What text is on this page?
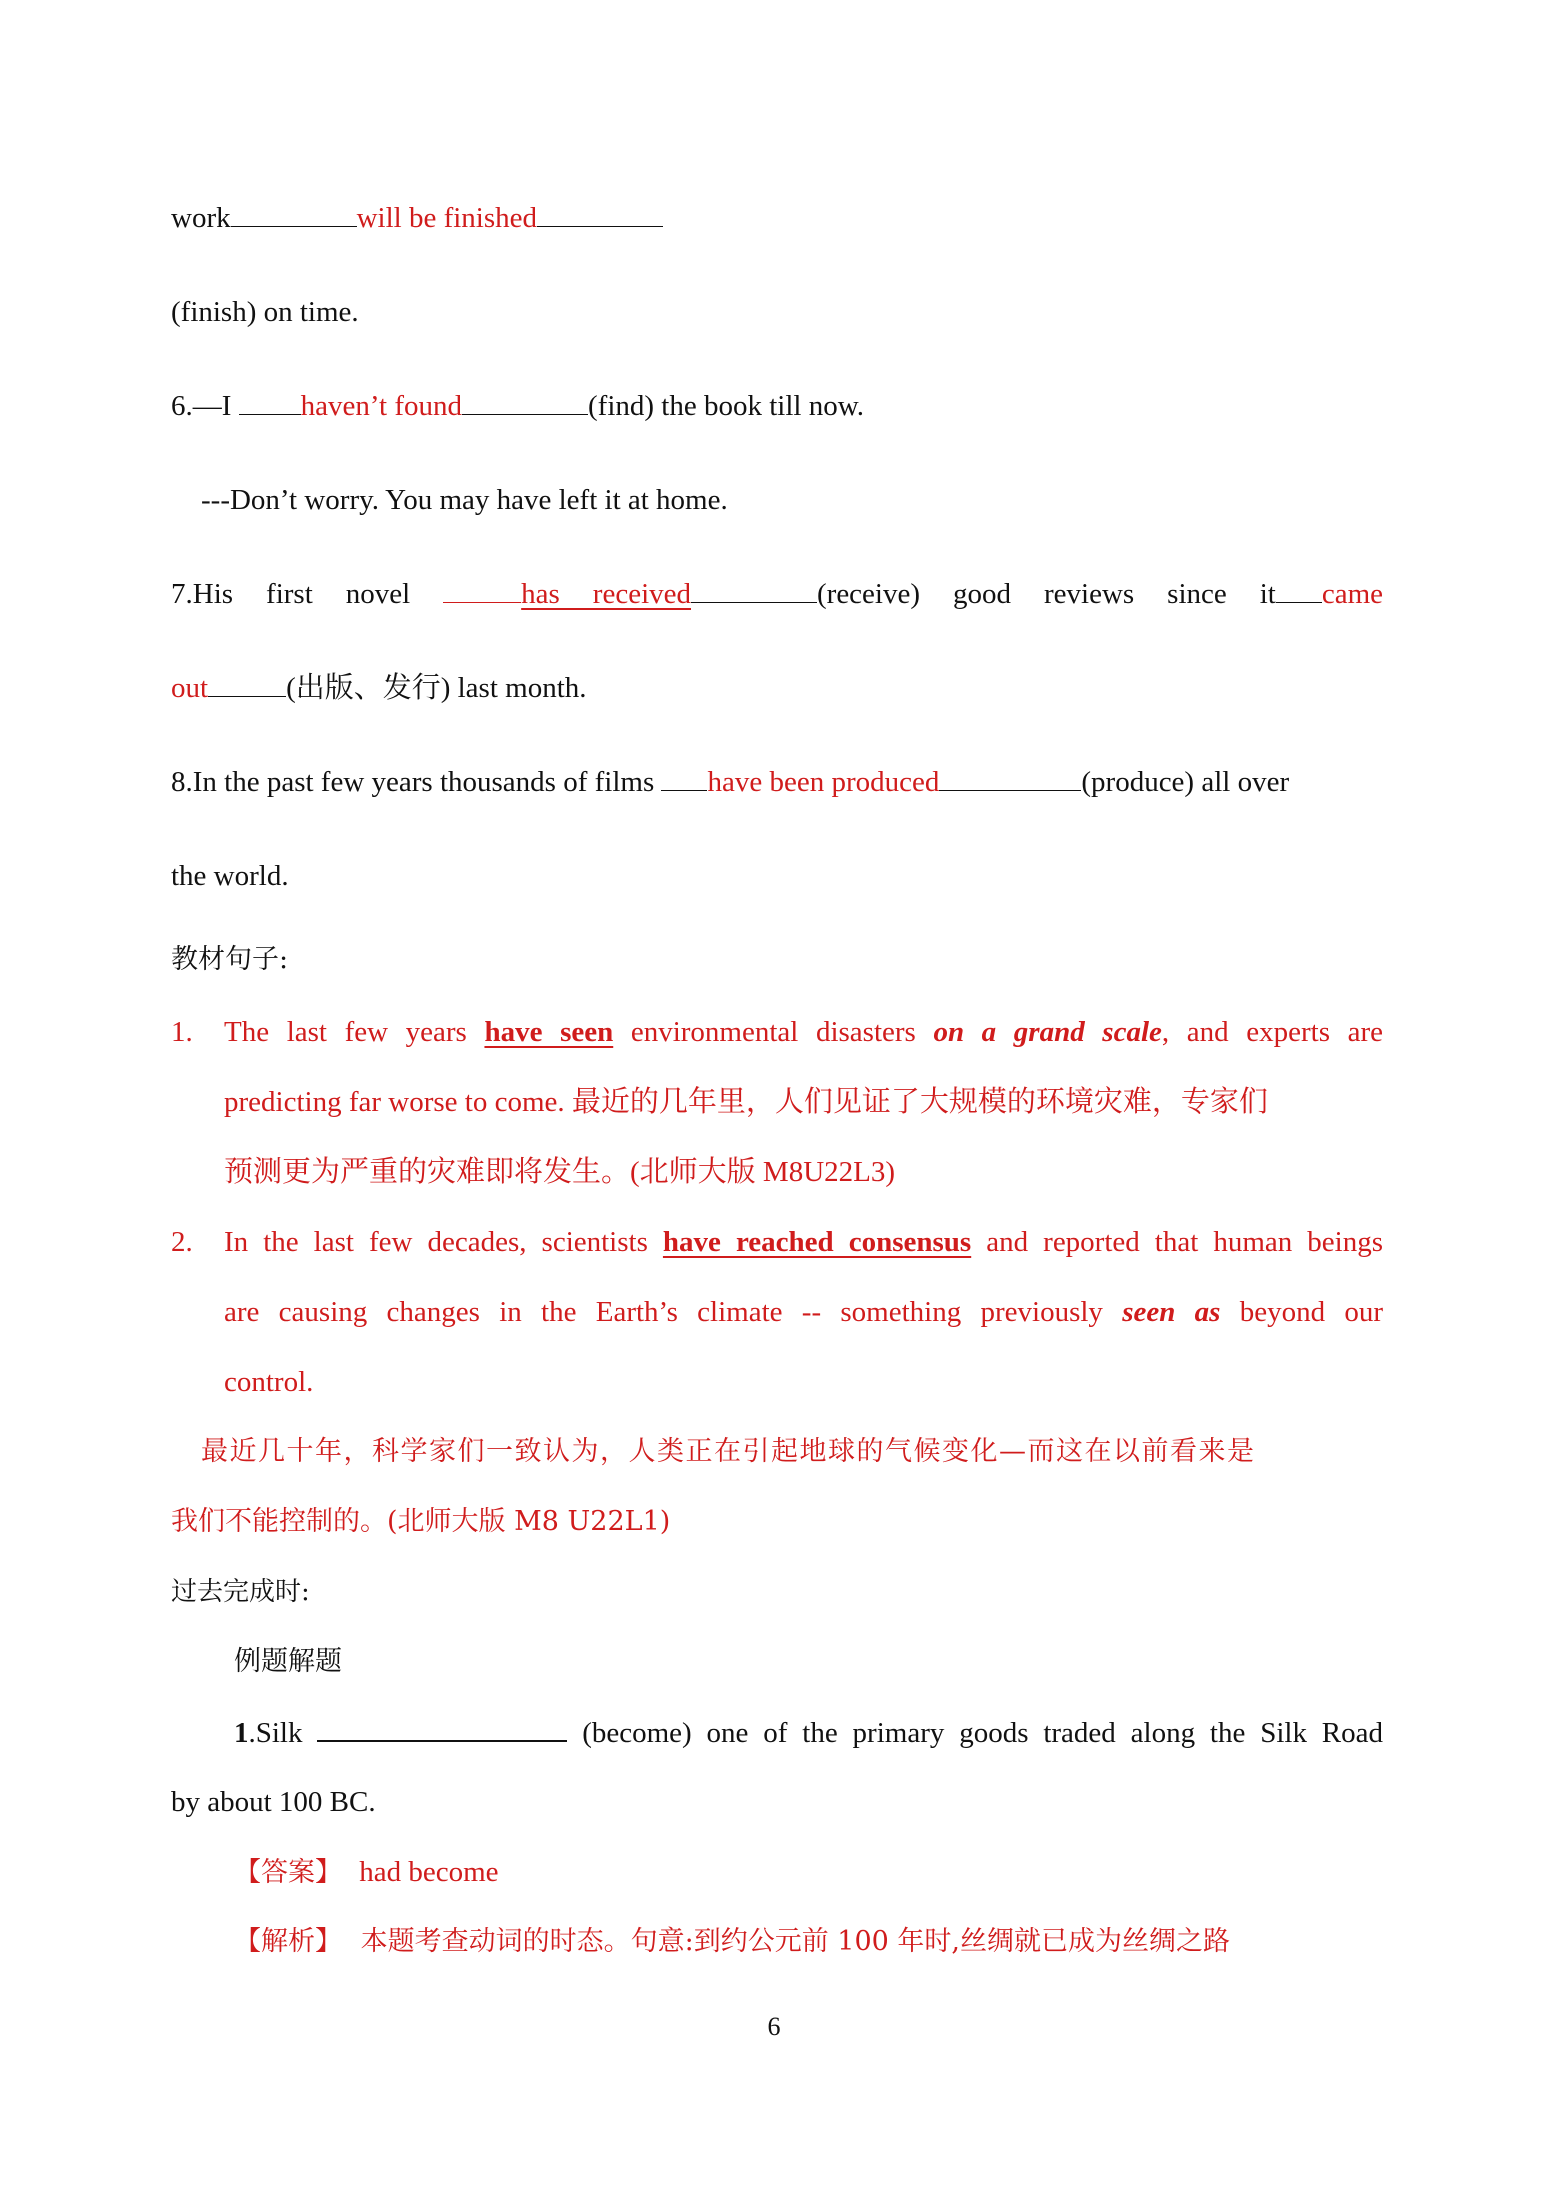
work	will be finished
(finish) on time.
6.—I haven’t found	(find) the book till now.
---Don’t worry. You may have left it at home.
7.His first novel	has received	(receive) good reviews since it came
out	(出版、发行) last month.
8.In the past few years thousands of films have been produced	(produce) all over
the world.
教材句子:
1. The last few years have seen environmental disasters on a grand scale, and experts are
predicting far worse to come. 最近的几年里，人们见证了大规模的环境灾难，专家们
预测更为严重的灾难即将发生。(北师大版 M8U22L3)
2. In the last few decades, scientists have reached consensus and reported that human beings
are causing changes in the Earth’s climate -- something previously seen as beyond our
control.
最近几十年，科学家们一致认为，人类正在引起地球的气候变化—而这在以前看来是
我们不能控制的。(北师大版 M8 U22L1)
过去完成时:
例题解题
1.Silk	(become) one of the primary goods traded along the Silk Road
by about 100 BC.
【答案】 had become
【解析】 本题考查动词的时态。句意:到约公元前 100 年时,丝绸就已成为丝绸之路
6
